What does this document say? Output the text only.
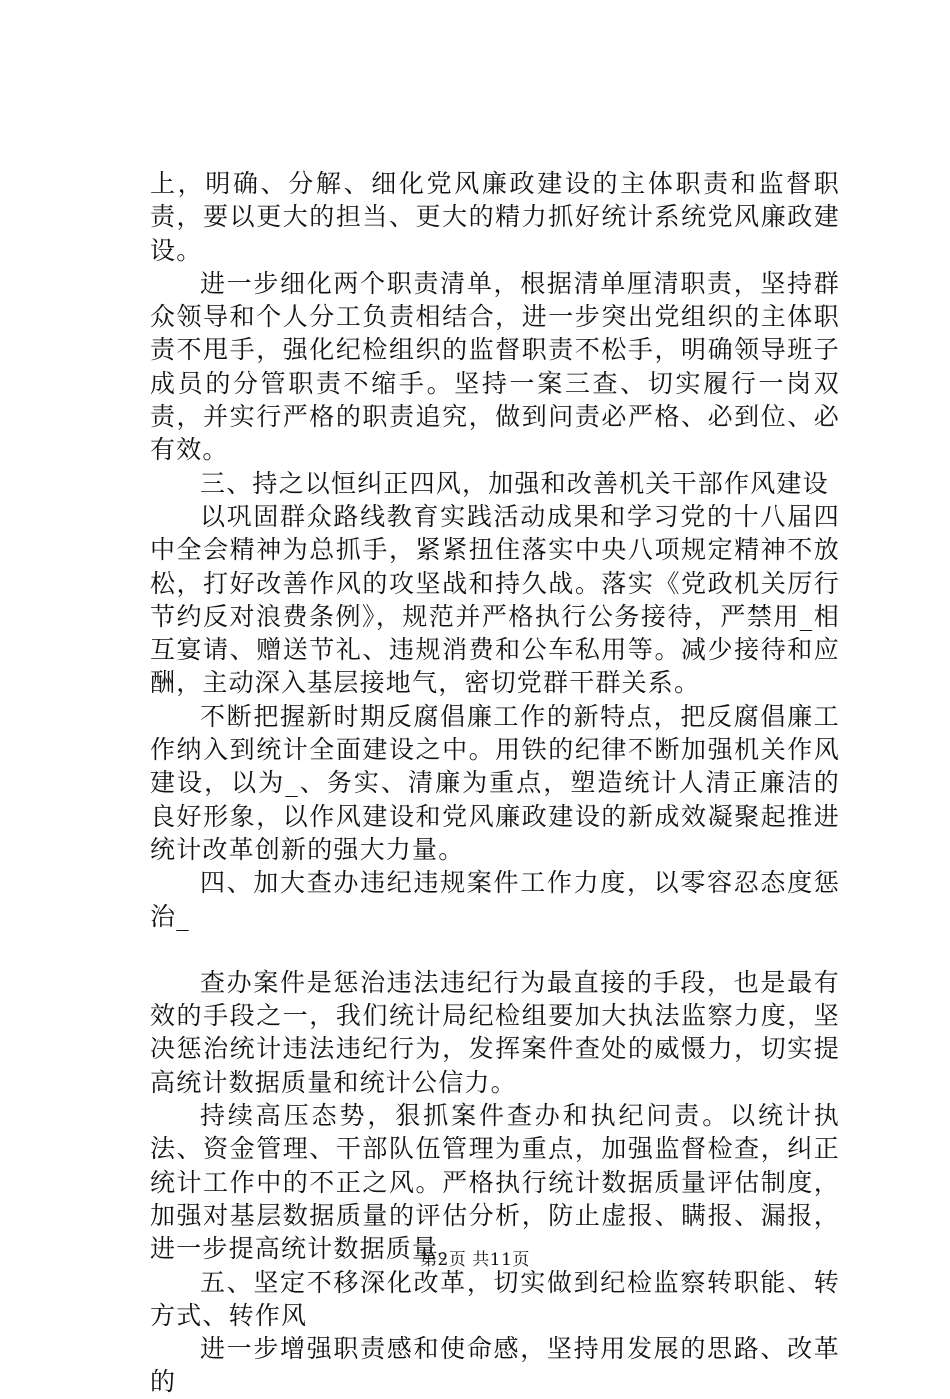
上，明确、分解、细化党风廉政建设的主体职责和监督职责，要以更大的担当、更大的精力抓好统计系统党风廉政建设。

进一步细化两个职责清单，根据清单厘清职责，坚持群众领导和个人分工负责相结合，进一步突出党组织的主体职责不甩手，强化纪检组织的监督职责不松手，明确领导班子成员的分管职责不缩手。坚持一案三查、切实履行一岗双责，并实行严格的职责追究，做到问责必严格、必到位、必有效。

三、持之以恒纠正四风，加强和改善机关干部作风建设

以巩固群众路线教育实践活动成果和学习党的十八届四中全会精神为总抓手，紧紧扭住落实中央八项规定精神不放松，打好改善作风的攻坚战和持久战。落实《党政机关厉行节约反对浪费条例》，规范并严格执行公务接待，严禁用_相互宴请、赠送节礼、违规消费和公车私用等。减少接待和应酬，主动深入基层接地气，密切党群干群关系。

不断把握新时期反腐倡廉工作的新特点，把反腐倡廉工作纳入到统计全面建设之中。用铁的纪律不断加强机关作风建设，以为_、务实、清廉为重点，塑造统计人清正廉洁的良好形象，以作风建设和党风廉政建设的新成效凝聚起推进统计改革创新的强大力量。

四、加大查办违纪违规案件工作力度，以零容忍态度惩治_

查办案件是惩治违法违纪行为最直接的手段，也是最有效的手段之一，我们统计局纪检组要加大执法监察力度，坚决惩治统计违法违纪行为，发挥案件查处的威慑力，切实提高统计数据质量和统计公信力。

持续高压态势，狠抓案件查办和执纪问责。以统计执法、资金管理、干部队伍管理为重点，加强监督检查，纠正统计工作中的不正之风。严格执行统计数据质量评估制度，加强对基层数据质量的评估分析，防止虚报、瞒报、漏报，进一步提高统计数据质量。

五、坚定不移深化改革，切实做到纪检监察转职能、转方式、转作风

进一步增强职责感和使命感，坚持用发展的思路、改革的

第2页 共11页
